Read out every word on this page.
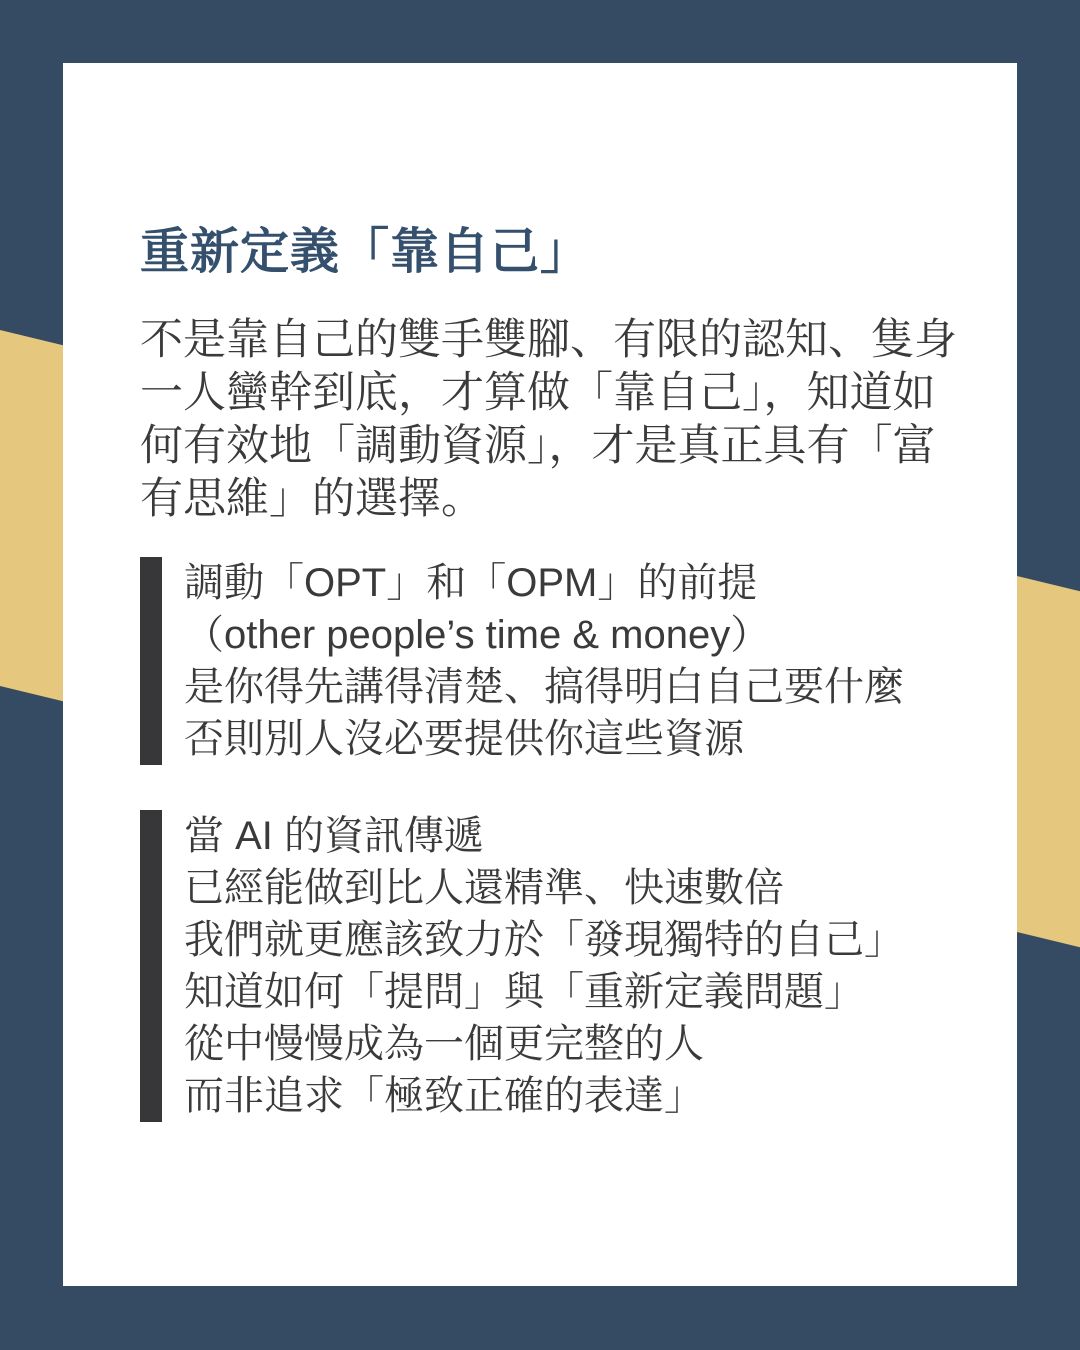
重新定義「靠自己」

不是靠自己的雙手雙腳、有限的認知、隻身
一人蠻幹到底，才算做「靠自己」，知道如
何有效地「調動資源」，才是真正具有「富
有思維」的選擇。

調動「OPT」和「OPM」的前提
（other people’s time & money）
是你得先講得清楚、搞得明白自己要什麼
否則別人沒必要提供你這些資源
當 AI 的資訊傳遞
已經能做到比人還精準、快速數倍
我們就更應該致力於「發現獨特的自己」
知道如何「提問」與「重新定義問題」
從中慢慢成為一個更完整的人
而非追求「極致正確的表達」
